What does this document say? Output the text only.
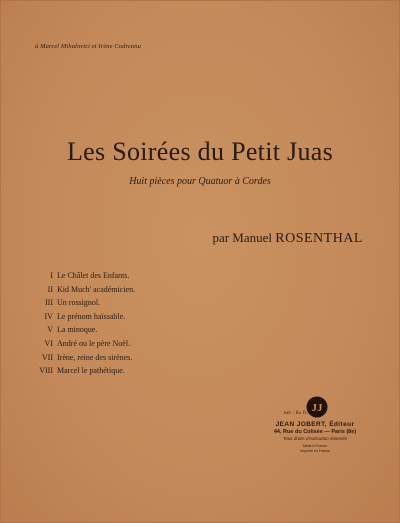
à Marcel Mihalovici et Irène Codreanu
Les Soirées du Petit Juas
Huit pièces pour Quatuor à Cordes
par Manuel ROSENTHAL
I Le Châlet des Enfants.
II Kid Much' académicien.
III Un rossignol.
IV Le prénom haïssable.
V La minoque.
VI André ou le père Noël.
VII Irène, reine des sirènes.
VIII Marcel le pathétique.
net : 8o fr. JJ
JEAN JOBERT, Éditeur
44, Rue du Colisée — Paris (8e)
Tous droits d'exécution réservés
Made in France
Imprimé en France
